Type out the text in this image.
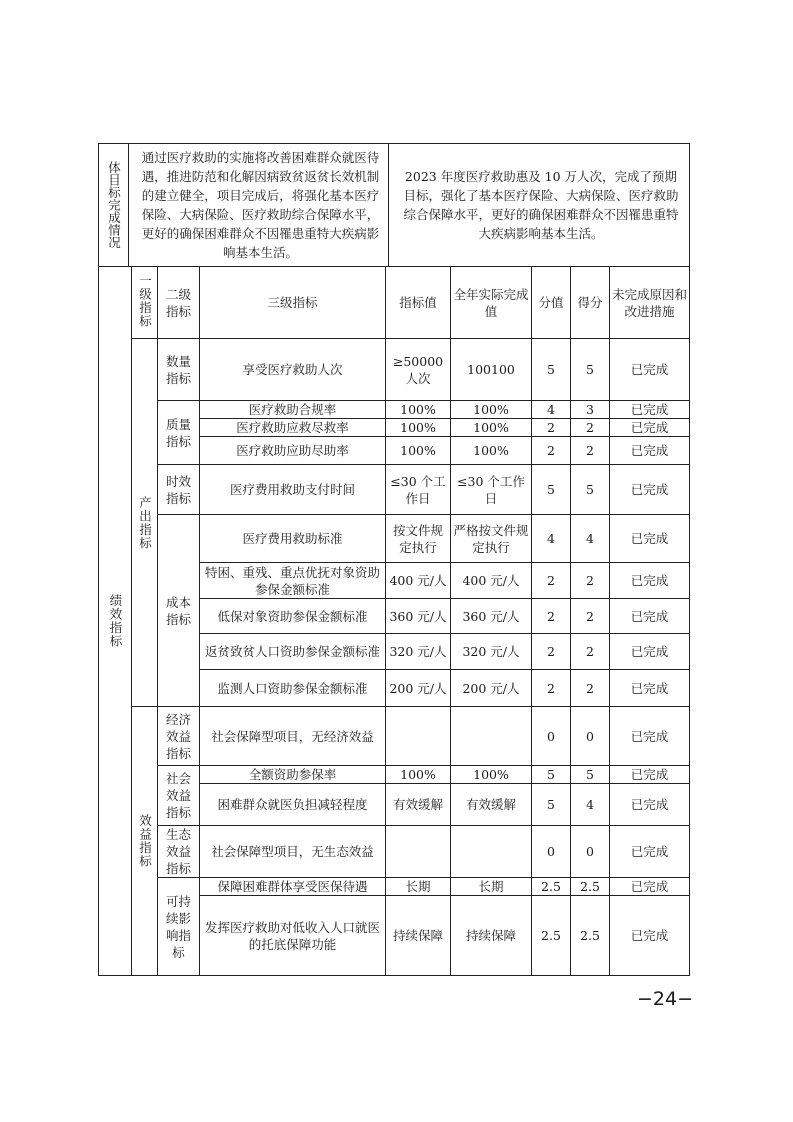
体目标完成情况

通过医疗救助的实施将改善困难群众就医待遇，推进防范和化解因病致贫返贫长效机制的建立健全，项目完成后，将强化基本医疗保险、大病保险、医疗救助综合保障水平，更好的确保困难群众不因罹患重特大疾病影响基本生活。

2023 年度医疗救助惠及 10 万人次，完成了预期目标，强化了基本医疗保险、大病保险、医疗救助综合保障水平，更好的确保困难群众不因罹患重特大疾病影响基本生活。
绩效指标	一级指标	二级指标	三级指标	指标值	全年实际完成值	分值	得分	未完成原因和改进措施

	产出指标	数量指标	享受医疗救助人次	≥50000人次	100100	5	5	已完成
		质量指标	医疗救助合规率	100%	100%	4	3	已完成
			医疗救助应救尽救率	100%	100%	2	2	已完成
			医疗救助应助尽助率	100%	100%	2	2	已完成
		时效指标	医疗费用救助支付时间	≤30 个工作日	≤30 个工作日	5	5	已完成
		成本指标	医疗费用救助标准	按文件规定执行	严格按文件规定执行	4	4	已完成
			特困、重残、重点优抚对象资助参保金额标准	400 元/人	400 元/人	2	2	已完成
			低保对象资助参保金额标准	360 元/人	360 元/人	2	2	已完成
			返贫致贫人口资助参保金额标准	320 元/人	320 元/人	2	2	已完成
			监测人口资助参保金额标准	200 元/人	200 元/人	2	2	已完成

	效益指标	经济效益指标	社会保障型项目，无经济效益			0	0	已完成
		社会效益指标	全额资助参保率	100%	100%	5	5	已完成
			困难群众就医负担减轻程度	有效缓解	有效缓解	5	4	已完成
		生态效益指标	社会保障型项目，无生态效益			0	0	已完成
		可持续影响指标	保障困难群体享受医保待遇	长期	长期	2.5	2.5	已完成
			发挥医疗救助对低收入人口就医的托底保障功能	持续保障	持续保障	2.5	2.5	已完成
−24−
